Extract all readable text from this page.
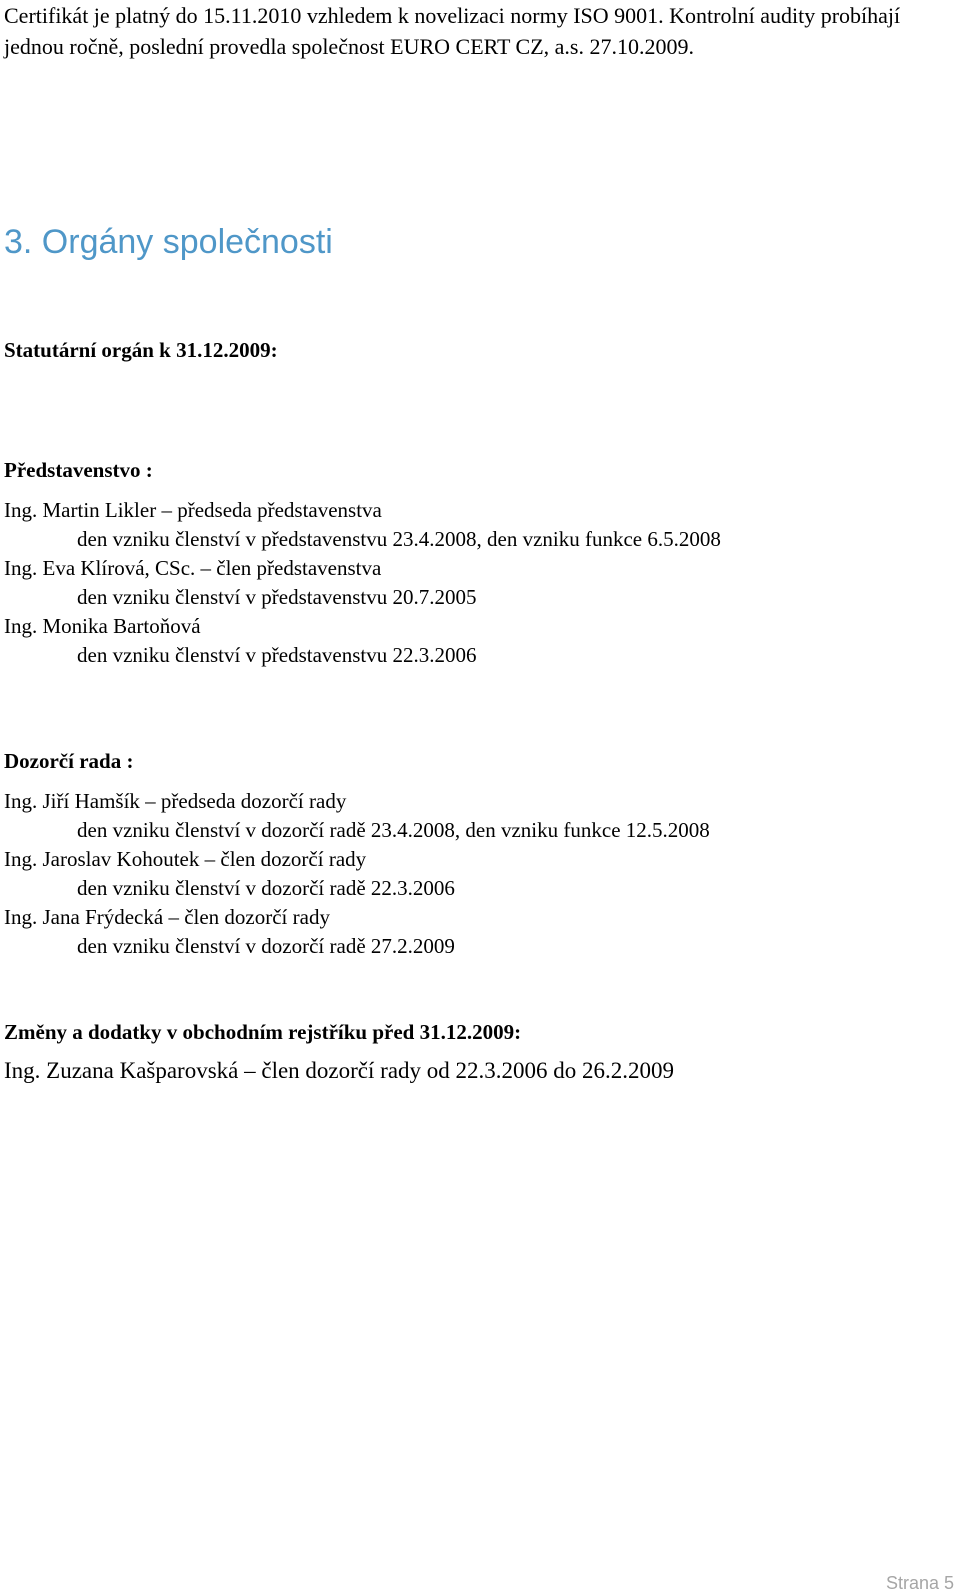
Certifikát je platný do 15.11.2010 vzhledem k novelizaci normy ISO 9001. Kontrolní audity probíhají jednou ročně, poslední provedla společnost EURO CERT CZ, a.s. 27.10.2009.

3. Orgány společnosti

Statutární orgán k 31.12.2009:

Představenstvo :

Ing. Martin Likler – předseda představenstva

den vzniku členství v představenstvu 23.4.2008, den vzniku funkce 6.5.2008

Ing. Eva Klírová, CSc. – člen představenstva

den vzniku členství v představenstvu 20.7.2005

Ing. Monika Bartoňová

den vzniku členství v představenstvu 22.3.2006

Dozorčí rada :

Ing. Jiří Hamšík – předseda dozorčí rady

den vzniku členství v dozorčí radě 23.4.2008, den vzniku funkce 12.5.2008

Ing. Jaroslav Kohoutek – člen dozorčí rady

den vzniku členství v dozorčí radě 22.3.2006

Ing. Jana Frýdecká – člen dozorčí rady

den vzniku členství v dozorčí radě 27.2.2009

Změny a dodatky v obchodním rejstříku před 31.12.2009:

Ing. Zuzana Kašparovská – člen dozorčí rady od 22.3.2006 do 26.2.2009

Strana 5
